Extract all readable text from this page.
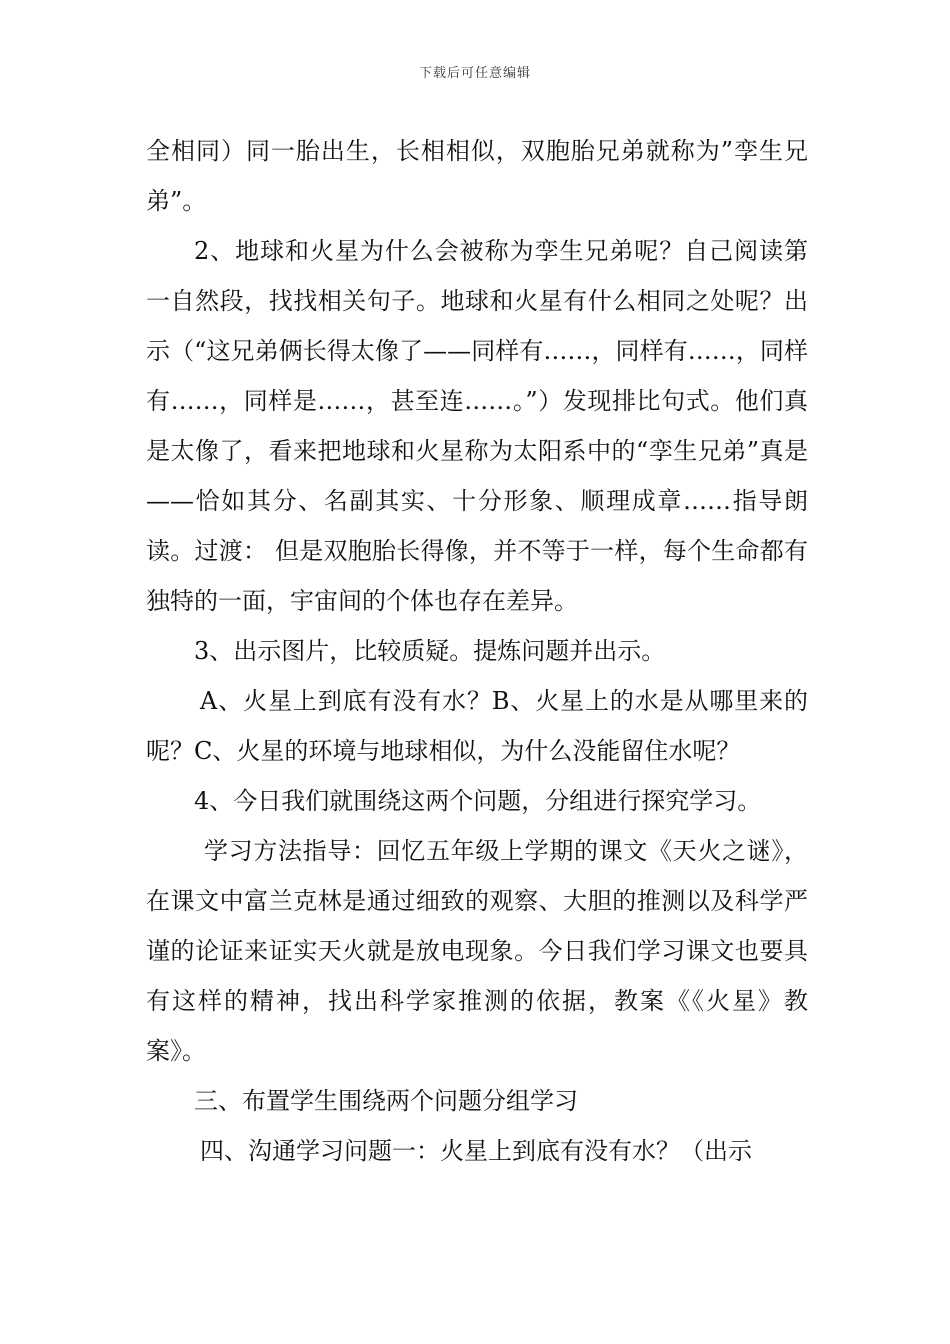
下载后可任意编辑

全相同）同一胎出生，长相相似，双胞胎兄弟就称为”孪生兄弟”。

2、地球和火星为什么会被称为孪生兄弟呢？自己阅读第一自然段，找找相关句子。地球和火星有什么相同之处呢？出示（“这兄弟俩长得太像了——同样有……，同样有……，同样有……，同样是……，甚至连……。”）发现排比句式。他们真是太像了，看来把地球和火星称为太阳系中的“孪生兄弟”真是——恰如其分、名副其实、十分形象、顺理成章……指导朗读。过渡： 但是双胞胎长得像，并不等于一样，每个生命都有独特的一面，宇宙间的个体也存在差异。

3、出示图片，比较质疑。提炼问题并出示。

A、火星上到底有没有水？B、火星上的水是从哪里来的呢？C、火星的环境与地球相似，为什么没能留住水呢？

4、今日我们就围绕这两个问题，分组进行探究学习。

学习方法指导：回忆五年级上学期的课文《天火之谜》，在课文中富兰克林是通过细致的观察、大胆的推测以及科学严谨的论证来证实天火就是放电现象。今日我们学习课文也要具有这样的精神，找出科学家推测的依据，教案《《火星》教案》。

三、布置学生围绕两个问题分组学习

四、沟通学习问题一：火星上到底有没有水？（出示
